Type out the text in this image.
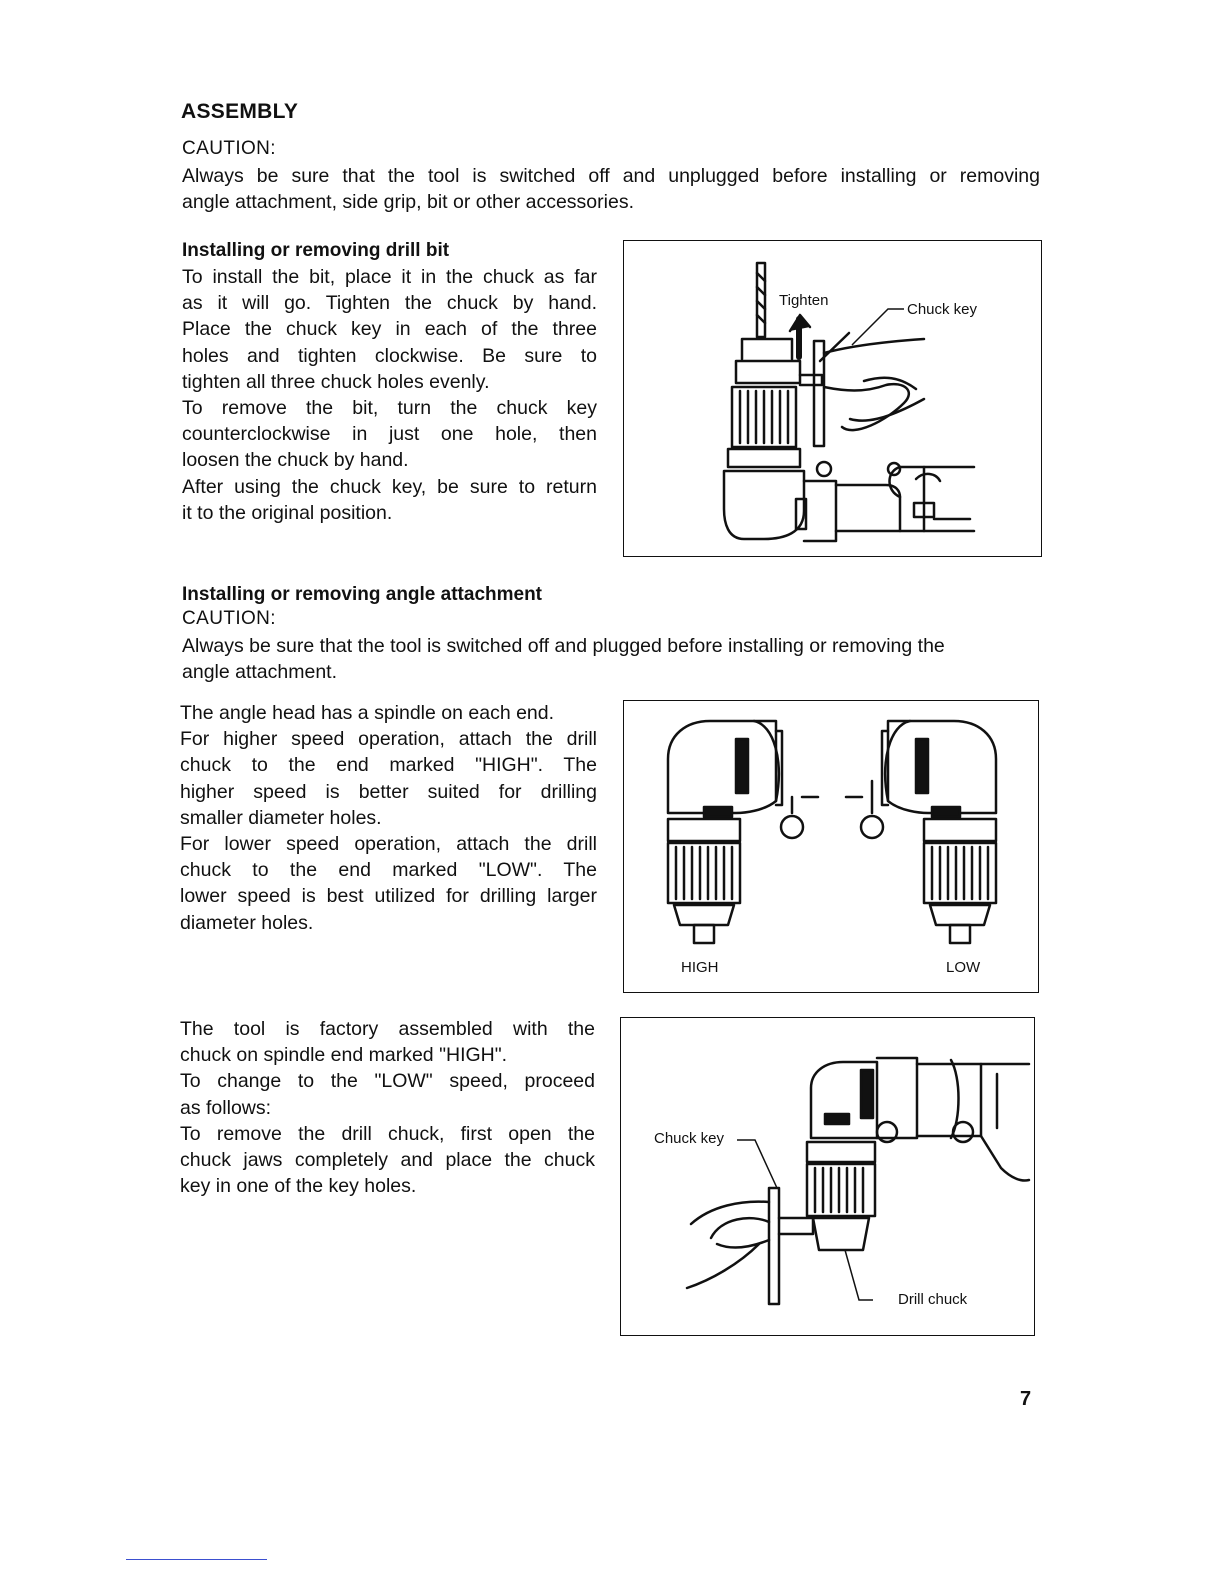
ASSEMBLY
CAUTION:
Always be sure that the tool is switched off and unplugged before installing or removing
angle attachment, side grip, bit or other accessories.
Installing or removing drill bit
To install the bit, place it in the chuck as far
as it will go. Tighten the chuck by hand.
Place the chuck key in each of the three
holes and tighten clockwise. Be sure to
tighten all three chuck holes evenly.
To remove the bit, turn the chuck key
counterclockwise in just one hole, then
loosen the chuck by hand.
After using the chuck key, be sure to return
it to the original position.
Tighten
Chuck key
Installing or removing angle attachment
CAUTION:
Always be sure that the tool is switched off and plugged before installing or removing the
angle attachment.
The angle head has a spindle on each end.
For higher speed operation, attach the drill
chuck to the end marked "HIGH". The
higher speed is better suited for drilling
smaller diameter holes.
For lower speed operation, attach the drill
chuck to the end marked "LOW". The
lower speed is best utilized for drilling larger
diameter holes.
HIGH	LOW
The tool is factory assembled with the
chuck on spindle end marked "HIGH".
To change to the "LOW" speed, proceed
as follows:
To remove the drill chuck, first open the
chuck jaws completely and place the chuck
key in one of the key holes.
Chuck key
Drill chuck
7
